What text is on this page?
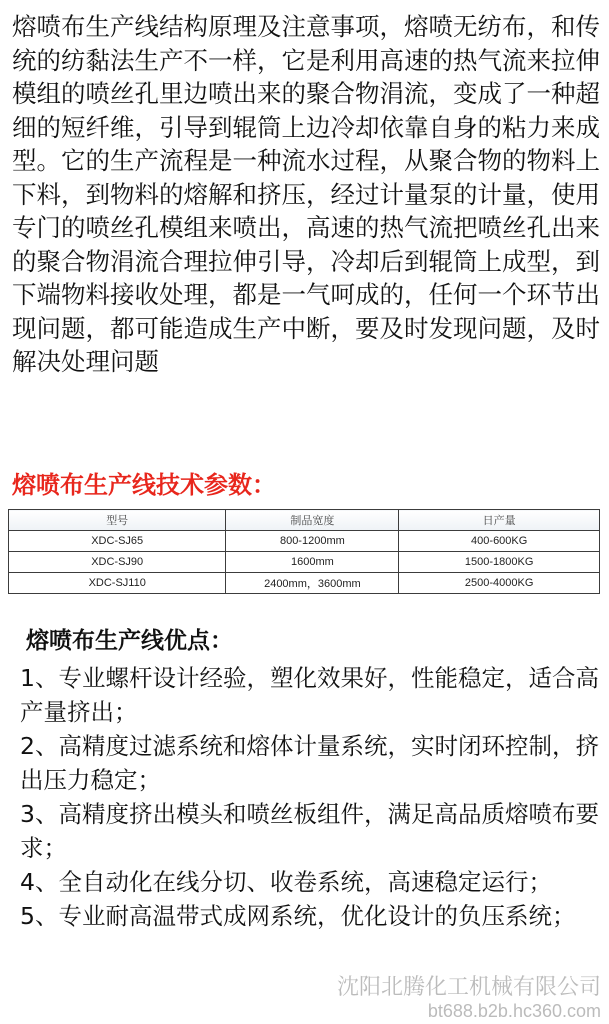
熔喷布生产线结构原理及注意事项，熔喷无纺布，和传统的纺黏法生产不一样，它是利用高速的热气流来拉伸模组的喷丝孔里边喷出来的聚合物涓流，变成了一种超细的短纤维，引导到辊筒上边冷却依靠自身的粘力来成型。它的生产流程是一种流水过程，从聚合物的物料上下料，到物料的熔解和挤压，经过计量泵的计量，使用专门的喷丝孔模组来喷出，高速的热气流把喷丝孔出来的聚合物涓流合理拉伸引导，冷却后到辊筒上成型，到下端物料接收处理，都是一气呵成的，任何一个环节出现问题，都可能造成生产中断，要及时发现问题，及时解决处理问题

熔喷布生产线技术参数：
型号	制品宽度	日产量
XDC-SJ65	800-1200mm	400-600KG
XDC-SJ90	1600mm	1500-1800KG
XDC-SJ110	2400mm，3600mm	2500-4000KG
熔喷布生产线优点：
1、专业螺杆设计经验，塑化效果好，性能稳定，适合高产量挤出；
2、高精度过滤系统和熔体计量系统，实时闭环控制，挤出压力稳定；
3、高精度挤出模头和喷丝板组件，满足高品质熔喷布要求；
4、全自动化在线分切、收卷系统，高速稳定运行；
5、专业耐高温带式成网系统，优化设计的负压系统；
沈阳北腾化工机械有限公司
bt688.b2b.hc360.com
